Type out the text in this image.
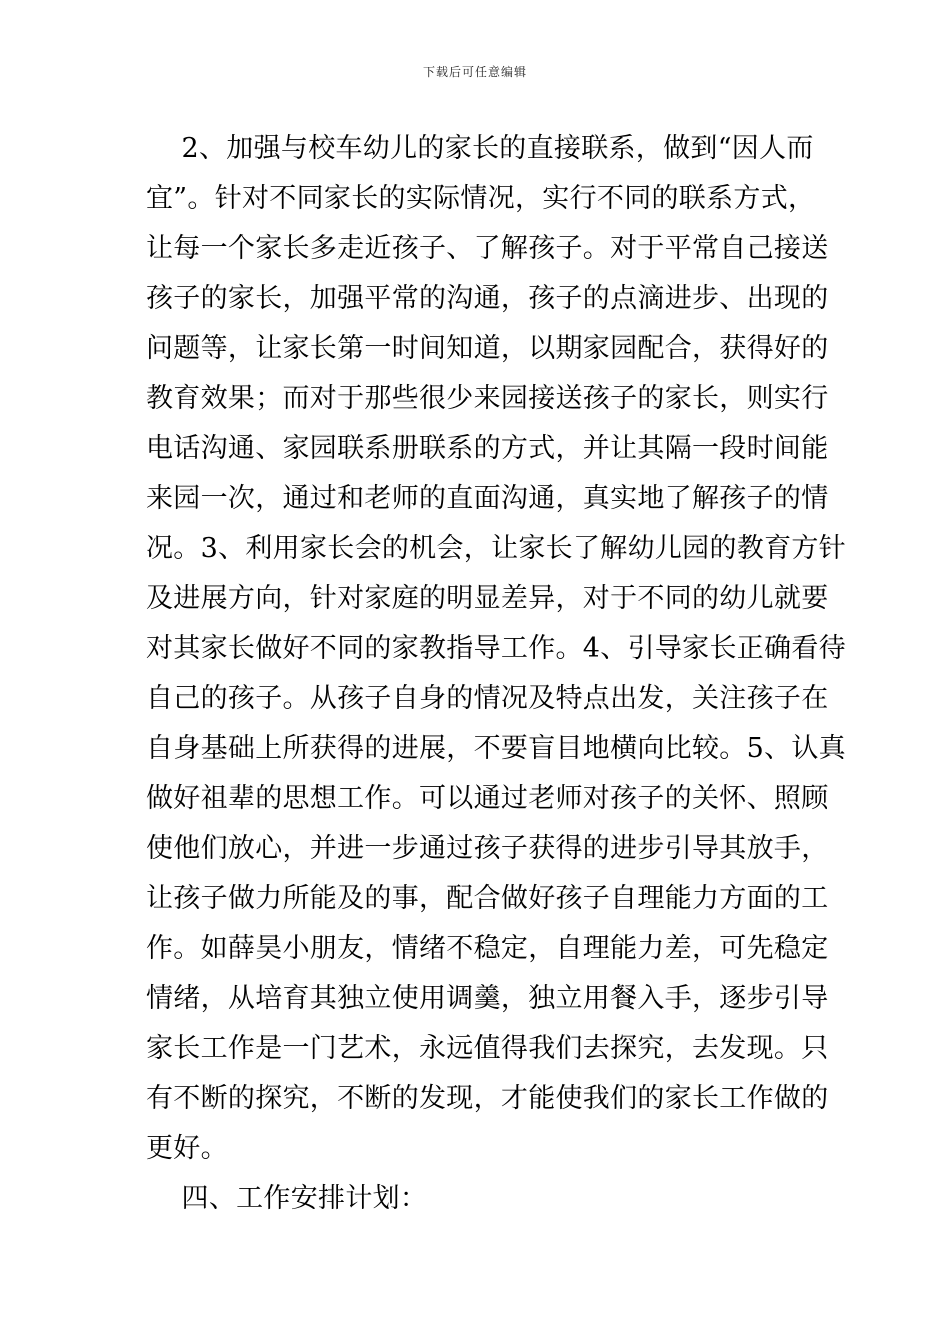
下载后可任意编辑
2、加强与校车幼儿的家长的直接联系，做到“因人而
宜”。针对不同家长的实际情况，实行不同的联系方式，
让每一个家长多走近孩子、了解孩子。对于平常自己接送
孩子的家长，加强平常的沟通，孩子的点滴进步、出现的
问题等，让家长第一时间知道，以期家园配合，获得好的
教育效果；而对于那些很少来园接送孩子的家长，则实行
电话沟通、家园联系册联系的方式，并让其隔一段时间能
来园一次，通过和老师的直面沟通，真实地了解孩子的情
况。3、利用家长会的机会，让家长了解幼儿园的教育方针
及进展方向，针对家庭的明显差异，对于不同的幼儿就要
对其家长做好不同的家教指导工作。4、引导家长正确看待
自己的孩子。从孩子自身的情况及特点出发，关注孩子在
自身基础上所获得的进展，不要盲目地横向比较。5、认真
做好祖辈的思想工作。可以通过老师对孩子的关怀、照顾
使他们放心，并进一步通过孩子获得的进步引导其放手，
让孩子做力所能及的事，配合做好孩子自理能力方面的工
作。如薛昊小朋友，情绪不稳定，自理能力差，可先稳定
情绪，从培育其独立使用调羹，独立用餐入手，逐步引导
家长工作是一门艺术，永远值得我们去探究，去发现。只
有不断的探究，不断的发现，才能使我们的家长工作做的
更好。
四、工作安排计划：
